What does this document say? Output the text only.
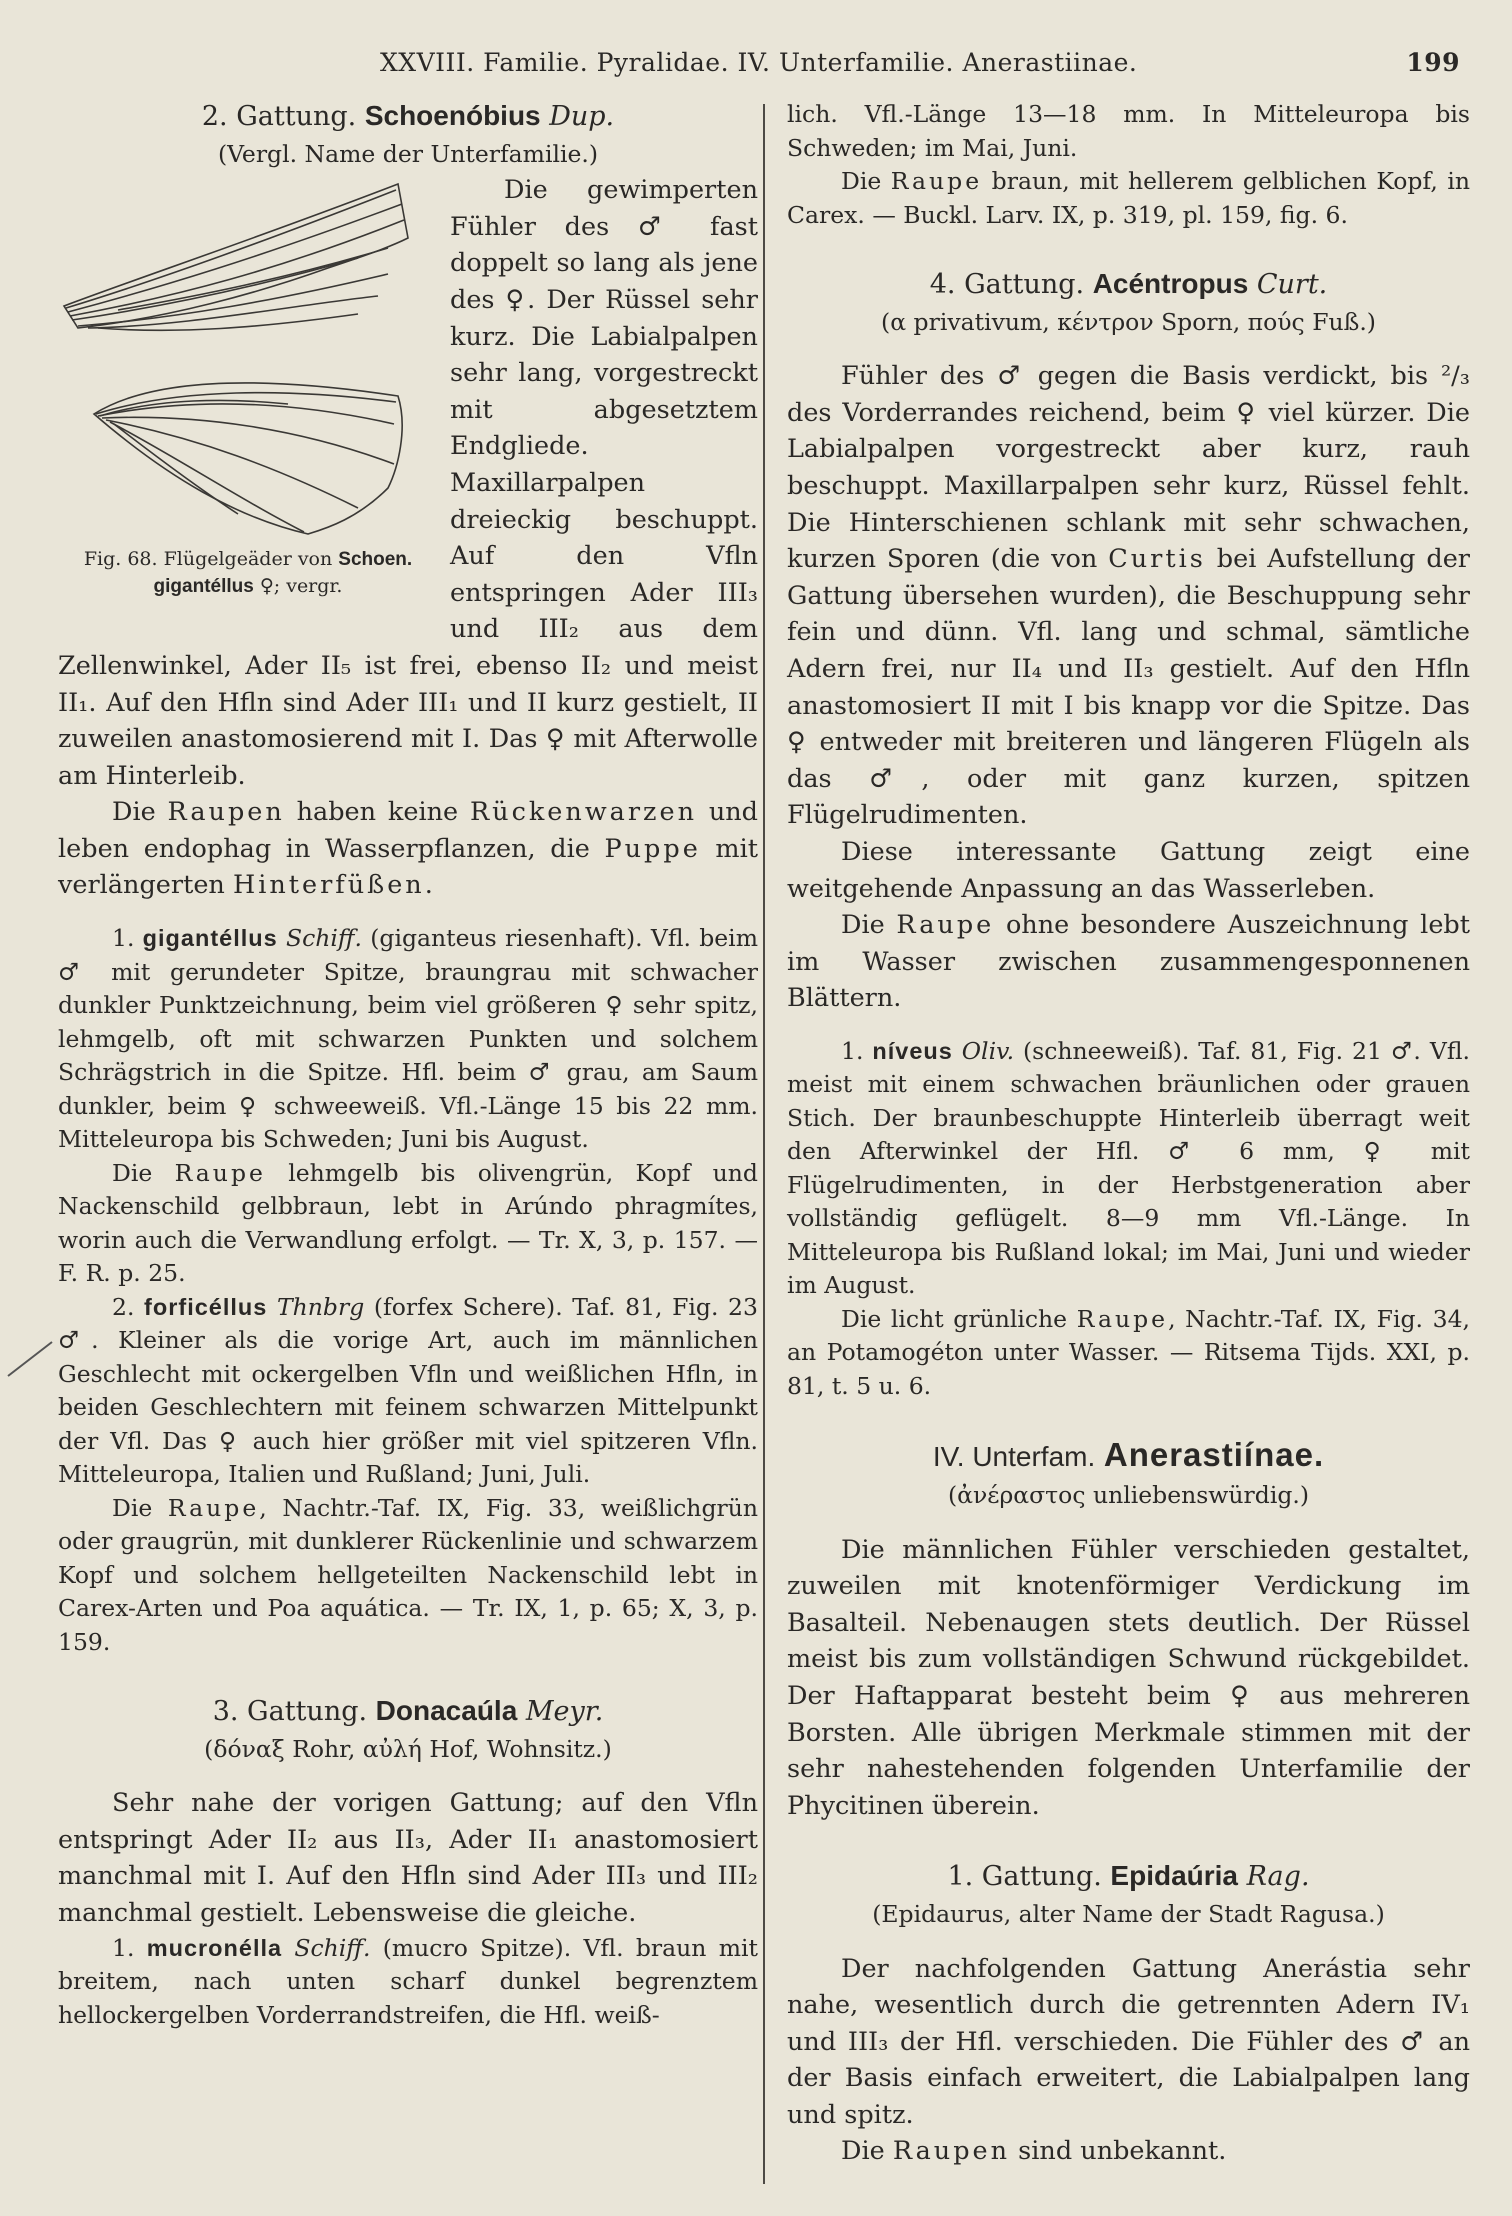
XXVIII. Familie. Pyralidae. IV. Unterfamilie. Anerastiinae.	199

2. Gattung. Schoenóbius Dup.

(Vergl. Name der Unterfamilie.)

Fig. 68. Flügelgeäder von Schoen. gigantéllus ♀; vergr.

Die gewimperten Fühler des ♂ fast doppelt so lang als jene des ♀. Der Rüssel sehr kurz. Die Labialpalpen sehr lang, vorgestreckt mit abgesetztem Endgliede. Maxillarpalpen dreieckig beschuppt. Auf den Vfln entspringen Ader III₃ und III₂ aus dem Zellenwinkel, Ader II₅ ist frei, ebenso II₂ und meist II₁. Auf den Hfln sind Ader III₁ und II kurz gestielt, II zuweilen anastomosierend mit I. Das ♀ mit Afterwolle am Hinterleib.

Die Raupen haben keine Rückenwarzen und leben endophag in Wasserpflanzen, die Puppe mit verlängerten Hinterfüßen.

1. gigantéllus Schiff. (giganteus riesenhaft). Vfl. beim ♂ mit gerundeter Spitze, braungrau mit schwacher dunkler Punktzeichnung, beim viel größeren ♀ sehr spitz, lehmgelb, oft mit schwarzen Punkten und solchem Schrägstrich in die Spitze. Hfl. beim ♂ grau, am Saum dunkler, beim ♀ schweeweiß. Vfl.-Länge 15 bis 22 mm. Mitteleuropa bis Schweden; Juni bis August.

Die Raupe lehmgelb bis olivengrün, Kopf und Nackenschild gelbbraun, lebt in Arúndo phragmítes, worin auch die Verwandlung erfolgt. — Tr. X, 3, p. 157. — F. R. p. 25.

2. forficéllus Thnbrg (forfex Schere). Taf. 81, Fig. 23 ♂. Kleiner als die vorige Art, auch im männlichen Geschlecht mit ockergelben Vfln und weißlichen Hfln, in beiden Geschlechtern mit feinem schwarzen Mittelpunkt der Vfl. Das ♀ auch hier größer mit viel spitzeren Vfln. Mitteleuropa, Italien und Rußland; Juni, Juli.

Die Raupe, Nachtr.-Taf. IX, Fig. 33, weißlichgrün oder graugrün, mit dunklerer Rückenlinie und schwarzem Kopf und solchem hellgeteilten Nackenschild lebt in Carex-Arten und Poa aquática. — Tr. IX, 1, p. 65; X, 3, p. 159.

3. Gattung. Donacaúla Meyr.

(δόναξ Rohr, αὐλή Hof, Wohnsitz.)

Sehr nahe der vorigen Gattung; auf den Vfln entspringt Ader II₂ aus II₃, Ader II₁ anastomosiert manchmal mit I. Auf den Hfln sind Ader III₃ und III₂ manchmal gestielt. Lebensweise die gleiche.

1. mucronélla Schiff. (mucro Spitze). Vfl. braun mit breitem, nach unten scharf dunkel begrenztem hellockergelben Vorderrandstreifen, die Hfl. weiß-

lich. Vfl.-Länge 13—18 mm. In Mitteleuropa bis Schweden; im Mai, Juni.

Die Raupe braun, mit hellerem gelblichen Kopf, in Carex. — Buckl. Larv. IX, p. 319, pl. 159, fig. 6.

4. Gattung. Acéntropus Curt.

(α privativum, κέντρον Sporn, πούς Fuß.)

Fühler des ♂ gegen die Basis verdickt, bis ²/₃ des Vorderrandes reichend, beim ♀ viel kürzer. Die Labialpalpen vorgestreckt aber kurz, rauh beschuppt. Maxillarpalpen sehr kurz, Rüssel fehlt. Die Hinterschienen schlank mit sehr schwachen, kurzen Sporen (die von Curtis bei Aufstellung der Gattung übersehen wurden), die Beschuppung sehr fein und dünn. Vfl. lang und schmal, sämtliche Adern frei, nur II₄ und II₃ gestielt. Auf den Hfln anastomosiert II mit I bis knapp vor die Spitze. Das ♀ entweder mit breiteren und längeren Flügeln als das ♂, oder mit ganz kurzen, spitzen Flügelrudimenten.

Diese interessante Gattung zeigt eine weitgehende Anpassung an das Wasserleben.

Die Raupe ohne besondere Auszeichnung lebt im Wasser zwischen zusammengesponnenen Blättern.

1. níveus Oliv. (schneeweiß). Taf. 81, Fig. 21 ♂. Vfl. meist mit einem schwachen bräunlichen oder grauen Stich. Der braunbeschuppte Hinterleib überragt weit den Afterwinkel der Hfl. ♂ 6 mm, ♀ mit Flügelrudimenten, in der Herbstgeneration aber vollständig geflügelt. 8—9 mm Vfl.-Länge. In Mitteleuropa bis Rußland lokal; im Mai, Juni und wieder im August.

Die licht grünliche Raupe, Nachtr.-Taf. IX, Fig. 34, an Potamogéton unter Wasser. — Ritsema Tijds. XXI, p. 81, t. 5 u. 6.

IV. Unterfam. Anerastiínae.

(ἀνέραστος unliebenswürdig.)

Die männlichen Fühler verschieden gestaltet, zuweilen mit knotenförmiger Verdickung im Basalteil. Nebenaugen stets deutlich. Der Rüssel meist bis zum vollständigen Schwund rückgebildet. Der Haftapparat besteht beim ♀ aus mehreren Borsten. Alle übrigen Merkmale stimmen mit der sehr nahestehenden folgenden Unterfamilie der Phycitinen überein.

1. Gattung. Epidaúria Rag.

(Epidaurus, alter Name der Stadt Ragusa.)

Der nachfolgenden Gattung Anerástia sehr nahe, wesentlich durch die getrennten Adern IV₁ und III₃ der Hfl. verschieden. Die Fühler des ♂ an der Basis einfach erweitert, die Labialpalpen lang und spitz.

Die Raupen sind unbekannt.
